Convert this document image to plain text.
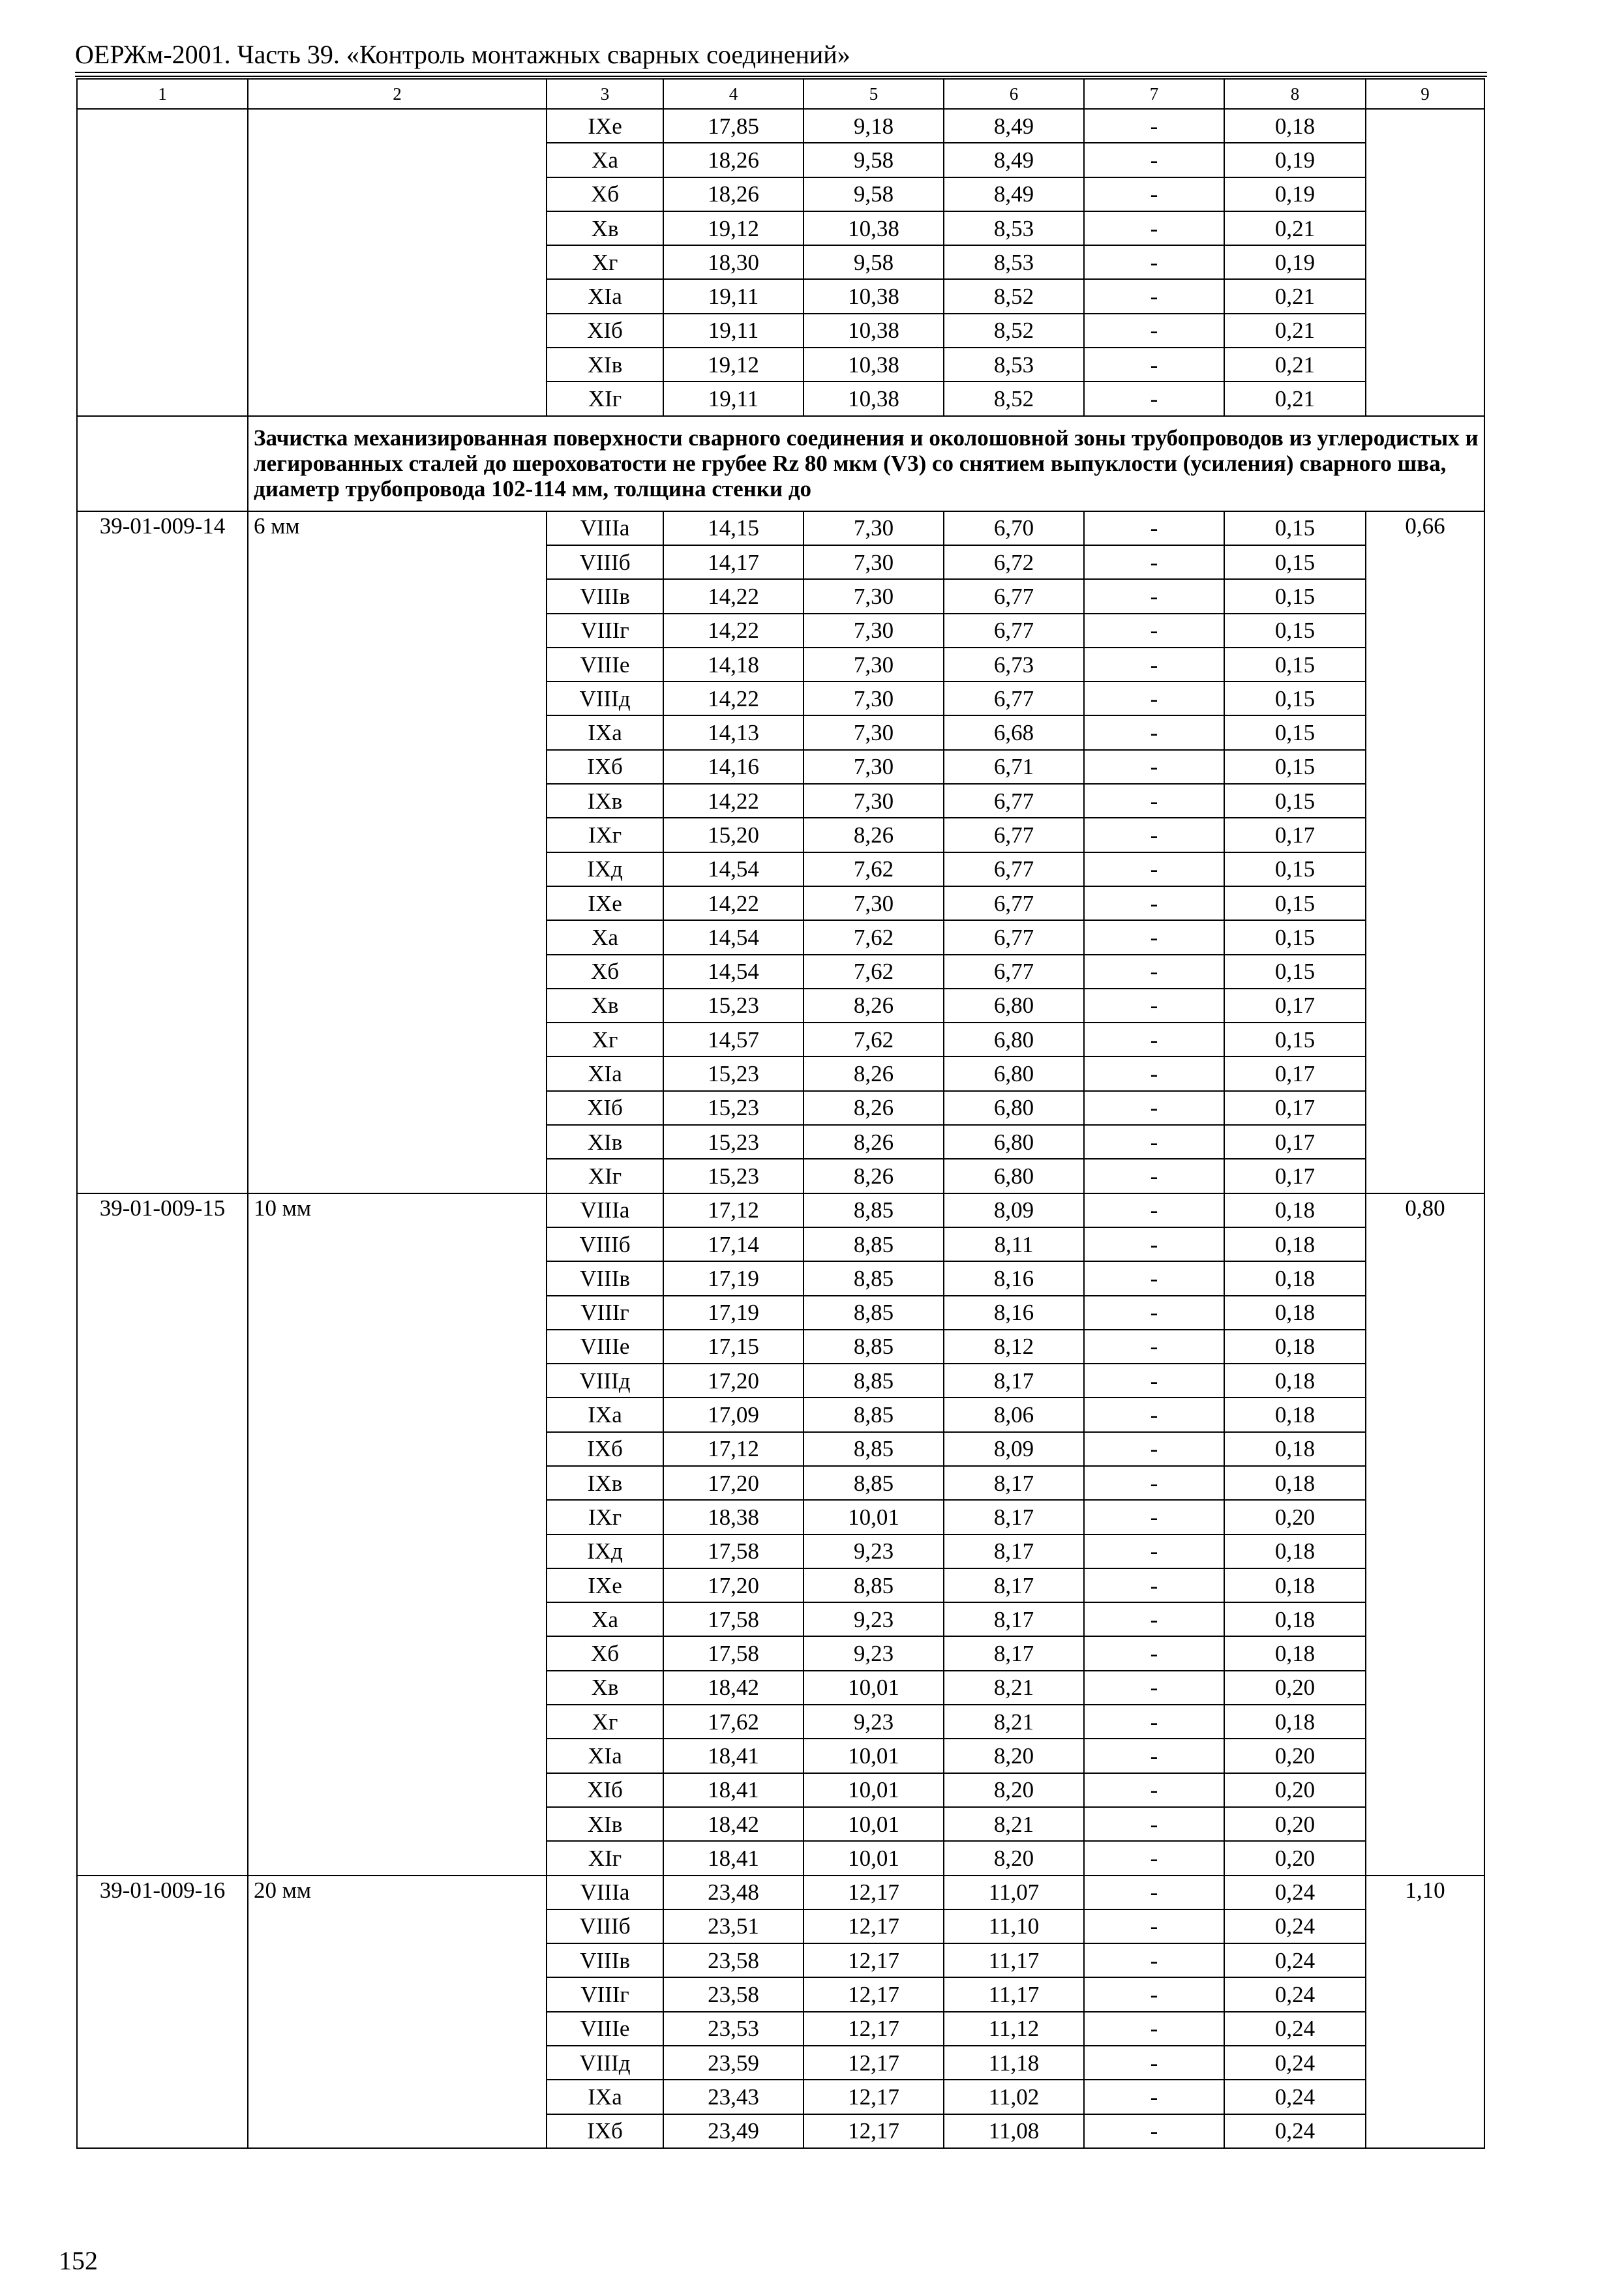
ОЕРЖм-2001. Часть 39. «Контроль монтажных сварных соединений»
1	2	3	4	5	6	7	8	9
		IXе	17,85	9,18	8,49	-	0,18	
		Xа	18,26	9,58	8,49	-	0,19	
		Xб	18,26	9,58	8,49	-	0,19	
		Xв	19,12	10,38	8,53	-	0,21	
		Xг	18,30	9,58	8,53	-	0,19	
		XIа	19,11	10,38	8,52	-	0,21	
		XIб	19,11	10,38	8,52	-	0,21	
		XIв	19,12	10,38	8,53	-	0,21	
		XIг	19,11	10,38	8,52	-	0,21	
	Зачистка механизированная поверхности сварного соединения и околошовной зоны трубопроводов из углеродистых и легированных сталей до шероховатости не грубее Rz 80 мкм (V3) со снятием выпуклости (усиления) сварного шва, диаметр трубопровода 102-114 мм, толщина стенки до							
39-01-009-14	6 мм	VIIIа	14,15	7,30	6,70	-	0,15	0,66
		VIIIб	14,17	7,30	6,72	-	0,15	
		VIIIв	14,22	7,30	6,77	-	0,15	
		VIIIг	14,22	7,30	6,77	-	0,15	
		VIIIе	14,18	7,30	6,73	-	0,15	
		VIIIд	14,22	7,30	6,77	-	0,15	
		IXа	14,13	7,30	6,68	-	0,15	
		IXб	14,16	7,30	6,71	-	0,15	
		IXв	14,22	7,30	6,77	-	0,15	
		IXг	15,20	8,26	6,77	-	0,17	
		IXд	14,54	7,62	6,77	-	0,15	
		IXе	14,22	7,30	6,77	-	0,15	
		Xа	14,54	7,62	6,77	-	0,15	
		Xб	14,54	7,62	6,77	-	0,15	
		Xв	15,23	8,26	6,80	-	0,17	
		Xг	14,57	7,62	6,80	-	0,15	
		XIа	15,23	8,26	6,80	-	0,17	
		XIб	15,23	8,26	6,80	-	0,17	
		XIв	15,23	8,26	6,80	-	0,17	
		XIг	15,23	8,26	6,80	-	0,17	
39-01-009-15	10 мм	VIIIа	17,12	8,85	8,09	-	0,18	0,80
		VIIIб	17,14	8,85	8,11	-	0,18	
		VIIIв	17,19	8,85	8,16	-	0,18	
		VIIIг	17,19	8,85	8,16	-	0,18	
		VIIIе	17,15	8,85	8,12	-	0,18	
		VIIIд	17,20	8,85	8,17	-	0,18	
		IXа	17,09	8,85	8,06	-	0,18	
		IXб	17,12	8,85	8,09	-	0,18	
		IXв	17,20	8,85	8,17	-	0,18	
		IXг	18,38	10,01	8,17	-	0,20	
		IXд	17,58	9,23	8,17	-	0,18	
		IXе	17,20	8,85	8,17	-	0,18	
		Xа	17,58	9,23	8,17	-	0,18	
		Xб	17,58	9,23	8,17	-	0,18	
		Xв	18,42	10,01	8,21	-	0,20	
		Xг	17,62	9,23	8,21	-	0,18	
		XIа	18,41	10,01	8,20	-	0,20	
		XIб	18,41	10,01	8,20	-	0,20	
		XIв	18,42	10,01	8,21	-	0,20	
		XIг	18,41	10,01	8,20	-	0,20	
39-01-009-16	20 мм	VIIIа	23,48	12,17	11,07	-	0,24	1,10
		VIIIб	23,51	12,17	11,10	-	0,24	
		VIIIв	23,58	12,17	11,17	-	0,24	
		VIIIг	23,58	12,17	11,17	-	0,24	
		VIIIе	23,53	12,17	11,12	-	0,24	
		VIIIд	23,59	12,17	11,18	-	0,24	
		IXа	23,43	12,17	11,02	-	0,24	
		IXб	23,49	12,17	11,08	-	0,24	
152
